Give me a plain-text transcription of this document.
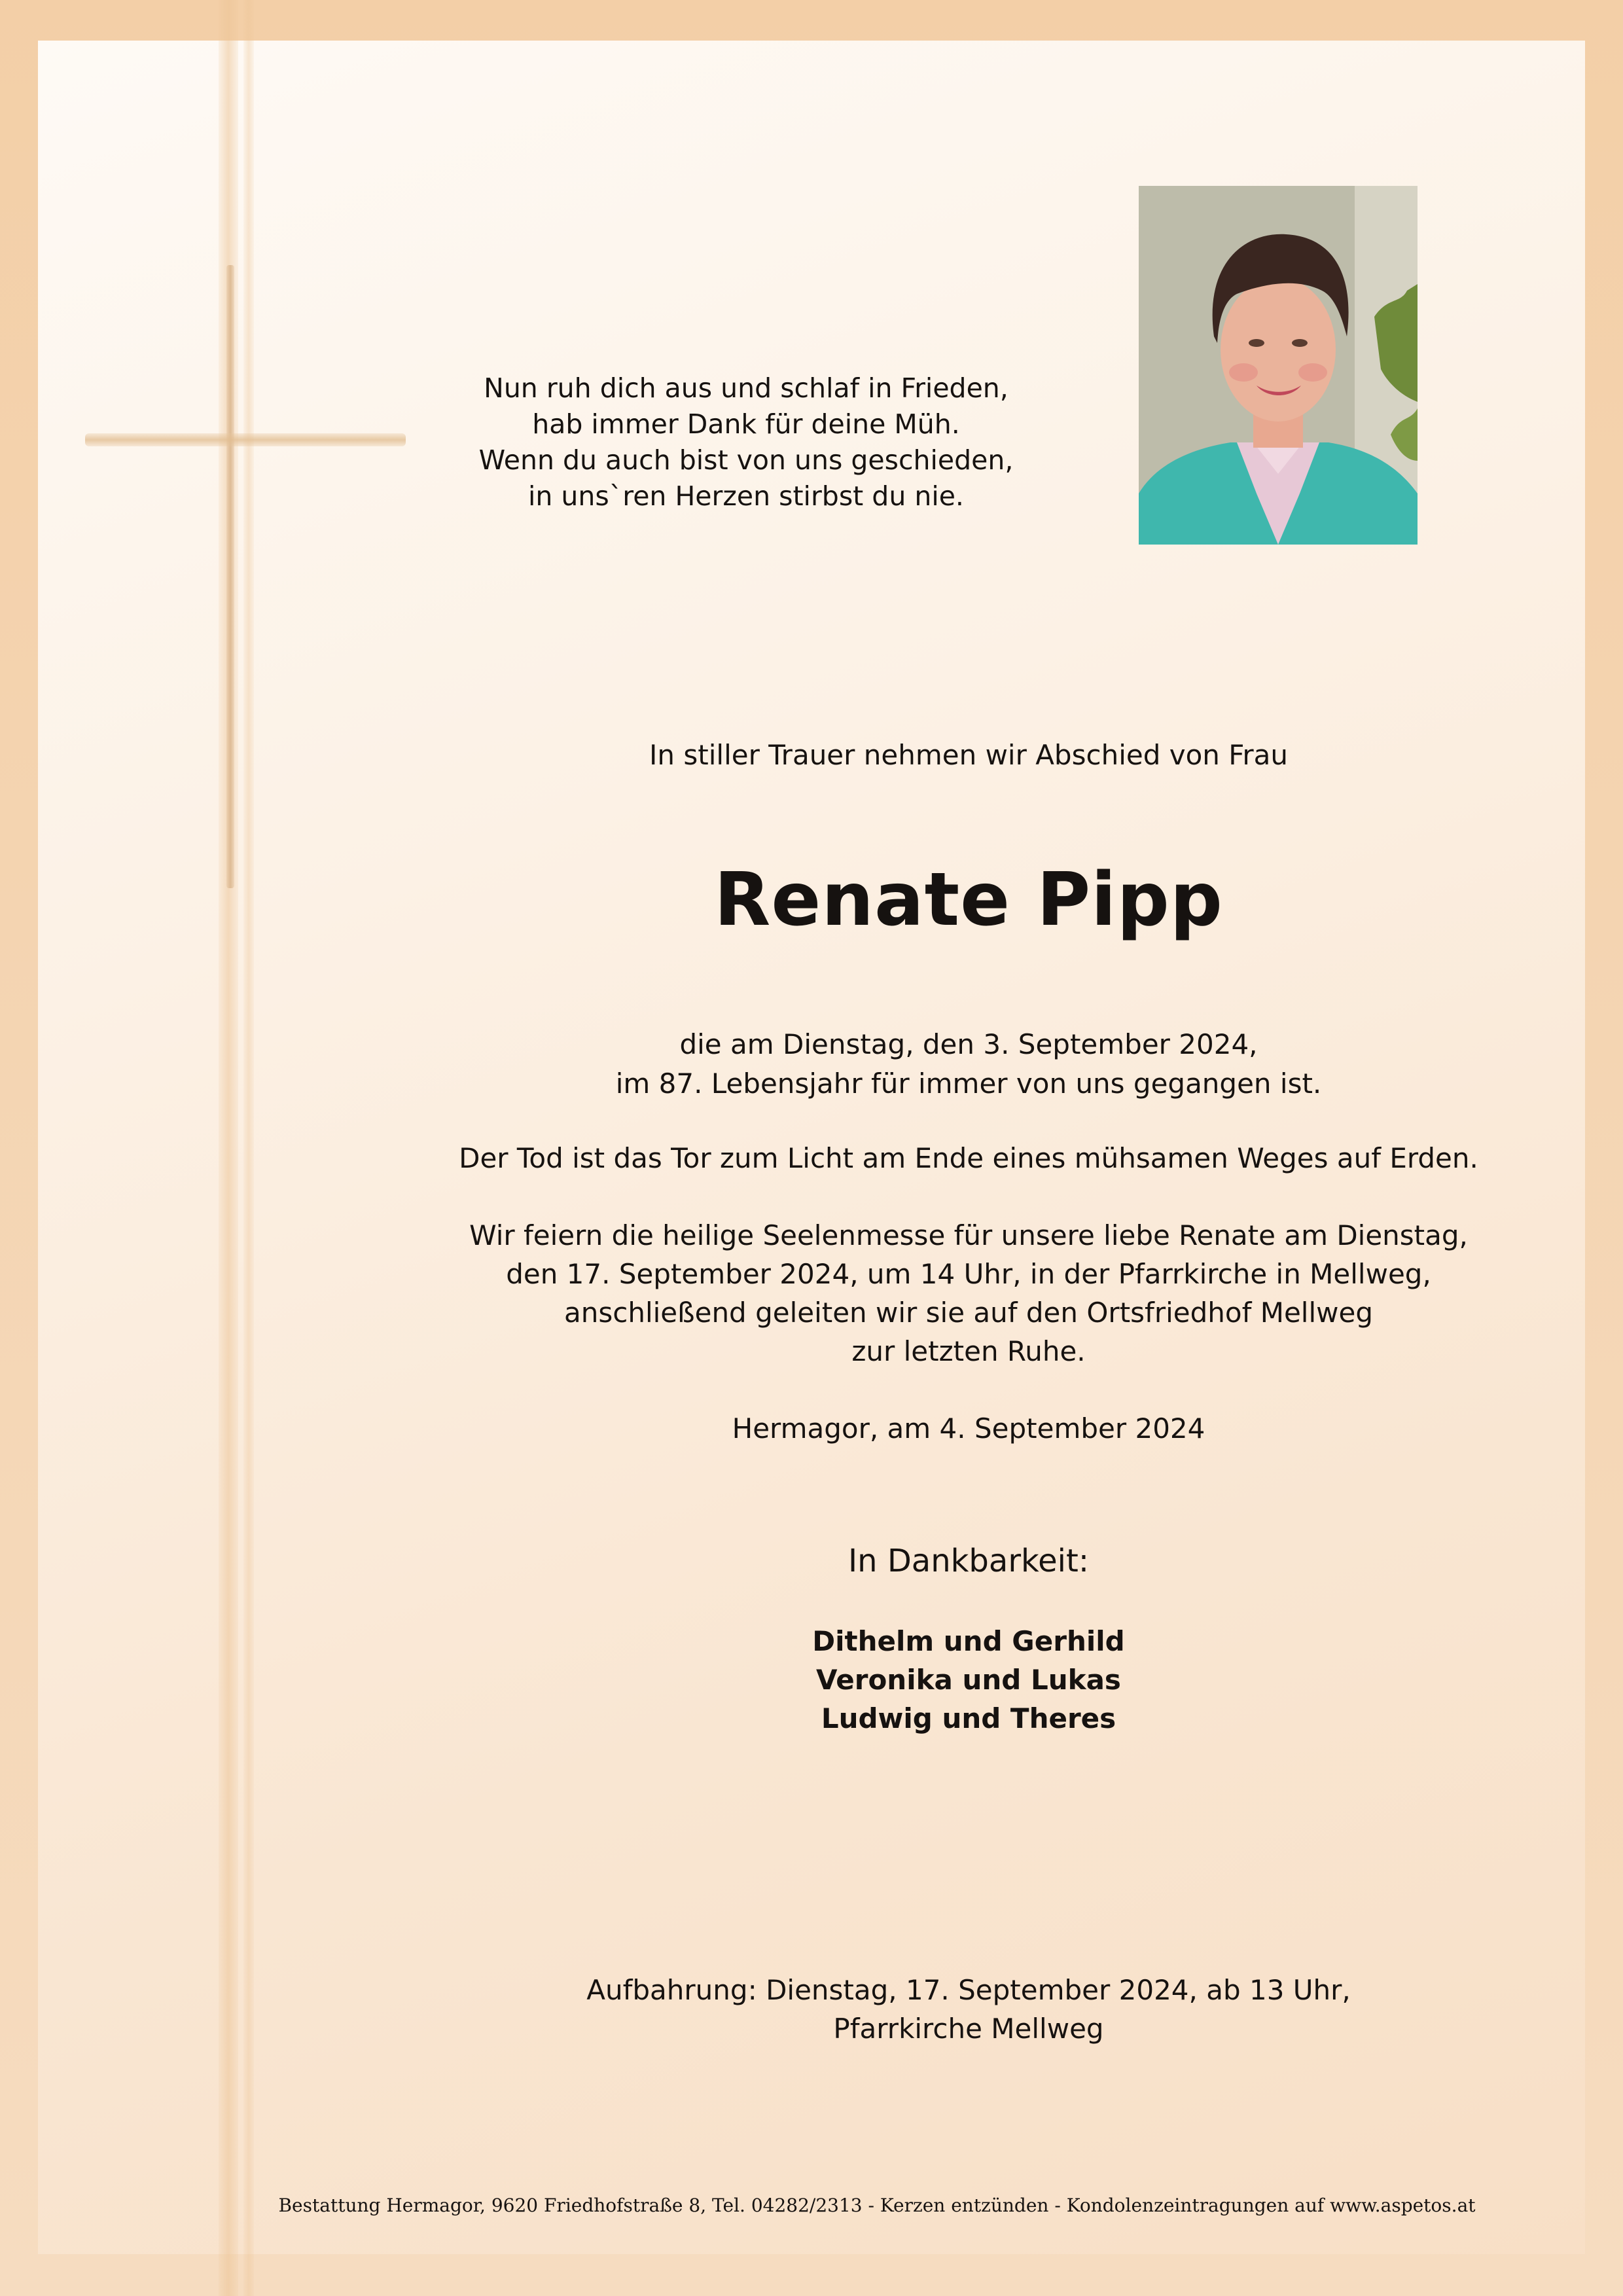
Nun ruh dich aus und schlaf in Frieden,
hab immer Dank für deine Müh.
Wenn du auch bist von uns geschieden,
in uns`ren Herzen stirbst du nie.
In stiller Trauer nehmen wir Abschied von Frau
Renate Pipp
die am Dienstag, den 3. September 2024,
im 87. Lebensjahr für immer von uns gegangen ist.
Der Tod ist das Tor zum Licht am Ende eines mühsamen Weges auf Erden.
Wir feiern die heilige Seelenmesse für unsere liebe Renate am Dienstag,
den 17. September 2024, um 14 Uhr, in der Pfarrkirche in Mellweg,
anschließend geleiten wir sie auf den Ortsfriedhof Mellweg
zur letzten Ruhe.
Hermagor, am 4. September 2024
In Dankbarkeit:
Dithelm und Gerhild
Veronika und Lukas
Ludwig und Theres
Aufbahrung: Dienstag, 17. September 2024, ab 13 Uhr,
Pfarrkirche Mellweg
Bestattung Hermagor, 9620 Friedhofstraße 8, Tel. 04282/2313 - Kerzen entzünden - Kondolenzeintragungen auf www.aspetos.at
